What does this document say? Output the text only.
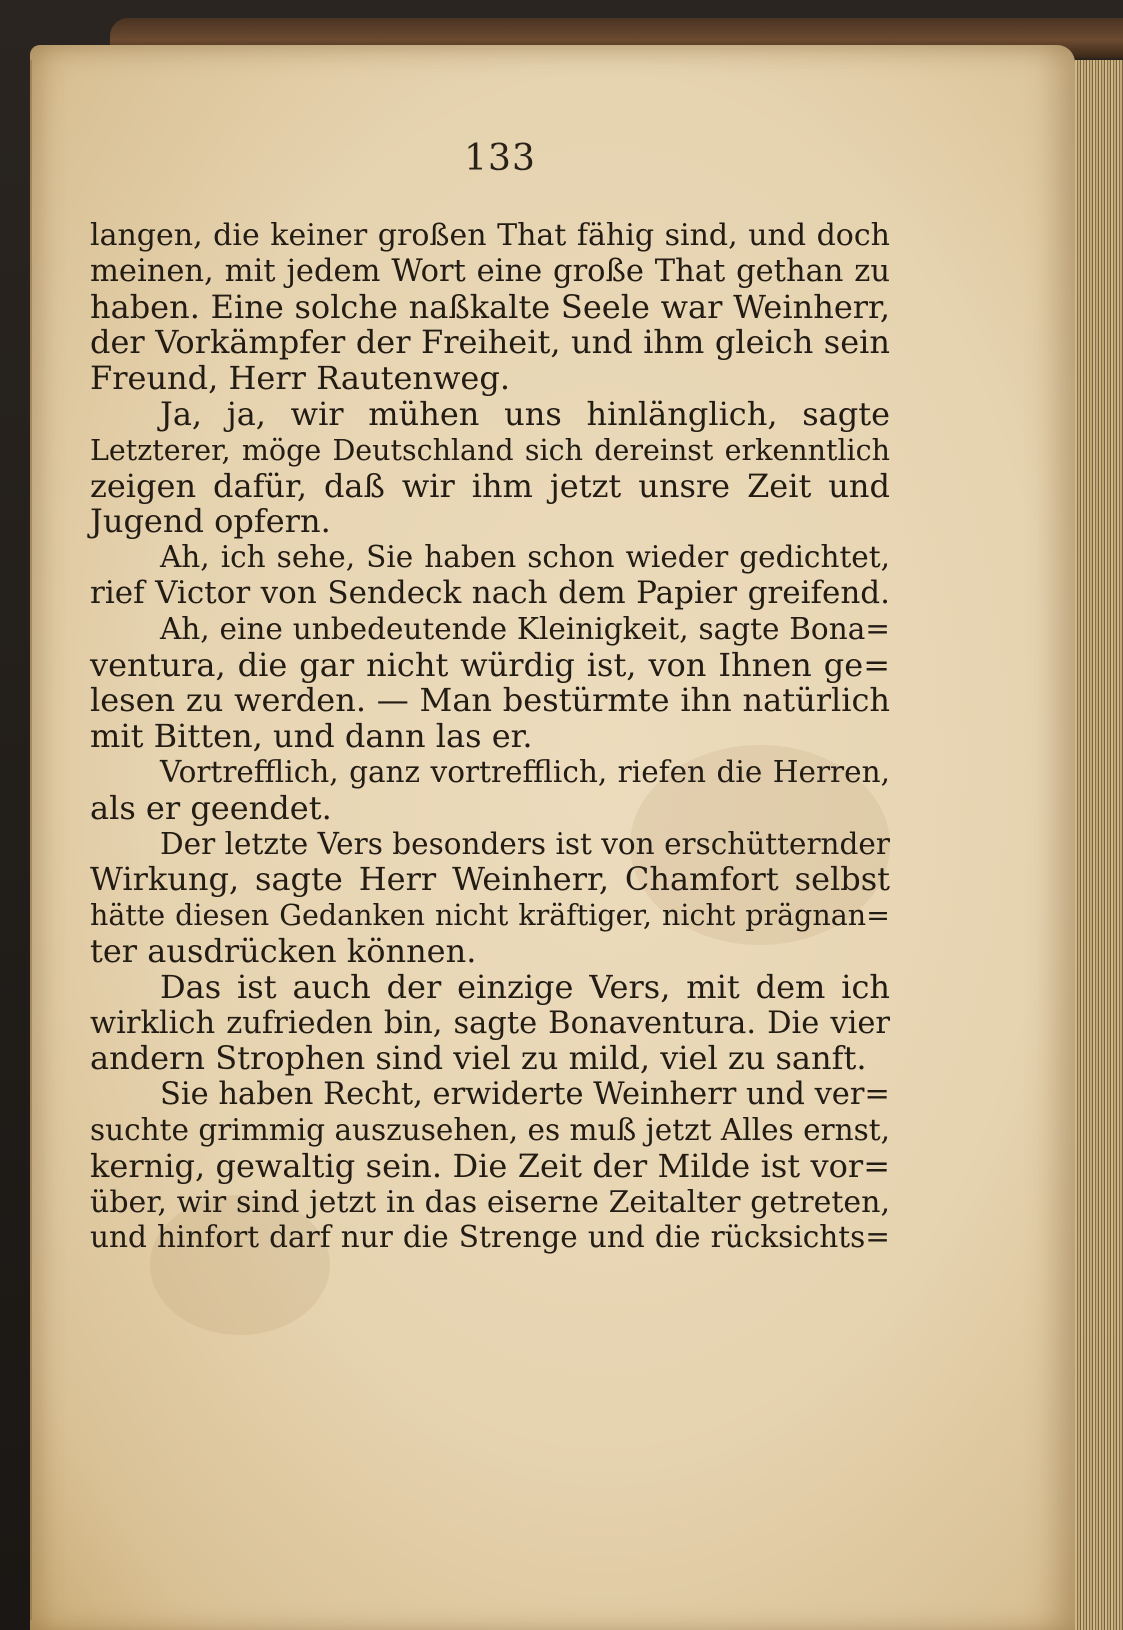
133
langen, die keiner großen That fähig sind, und doch
meinen, mit jedem Wort eine große That gethan zu
haben. Eine solche naßkalte Seele war Weinherr,
der Vorkämpfer der Freiheit, und ihm gleich sein
Freund, Herr Rautenweg.
Ja, ja, wir mühen uns hinlänglich, sagte
Letzterer, möge Deutschland sich dereinst erkenntlich
zeigen dafür, daß wir ihm jetzt unsre Zeit und
Jugend opfern.
Ah, ich sehe, Sie haben schon wieder gedichtet,
rief Victor von Sendeck nach dem Papier greifend.
Ah, eine unbedeutende Kleinigkeit, sagte Bona=
ventura, die gar nicht würdig ist, von Ihnen ge=
lesen zu werden. — Man bestürmte ihn natürlich
mit Bitten, und dann las er.
Vortrefflich, ganz vortrefflich, riefen die Herren,
als er geendet.
Der letzte Vers besonders ist von erschütternder
Wirkung, sagte Herr Weinherr, Chamfort selbst
hätte diesen Gedanken nicht kräftiger, nicht prägnan=
ter ausdrücken können.
Das ist auch der einzige Vers, mit dem ich
wirklich zufrieden bin, sagte Bonaventura. Die vier
andern Strophen sind viel zu mild, viel zu sanft.
Sie haben Recht, erwiderte Weinherr und ver=
suchte grimmig auszusehen, es muß jetzt Alles ernst,
kernig, gewaltig sein. Die Zeit der Milde ist vor=
über, wir sind jetzt in das eiserne Zeitalter getreten,
und hinfort darf nur die Strenge und die rücksichts=
